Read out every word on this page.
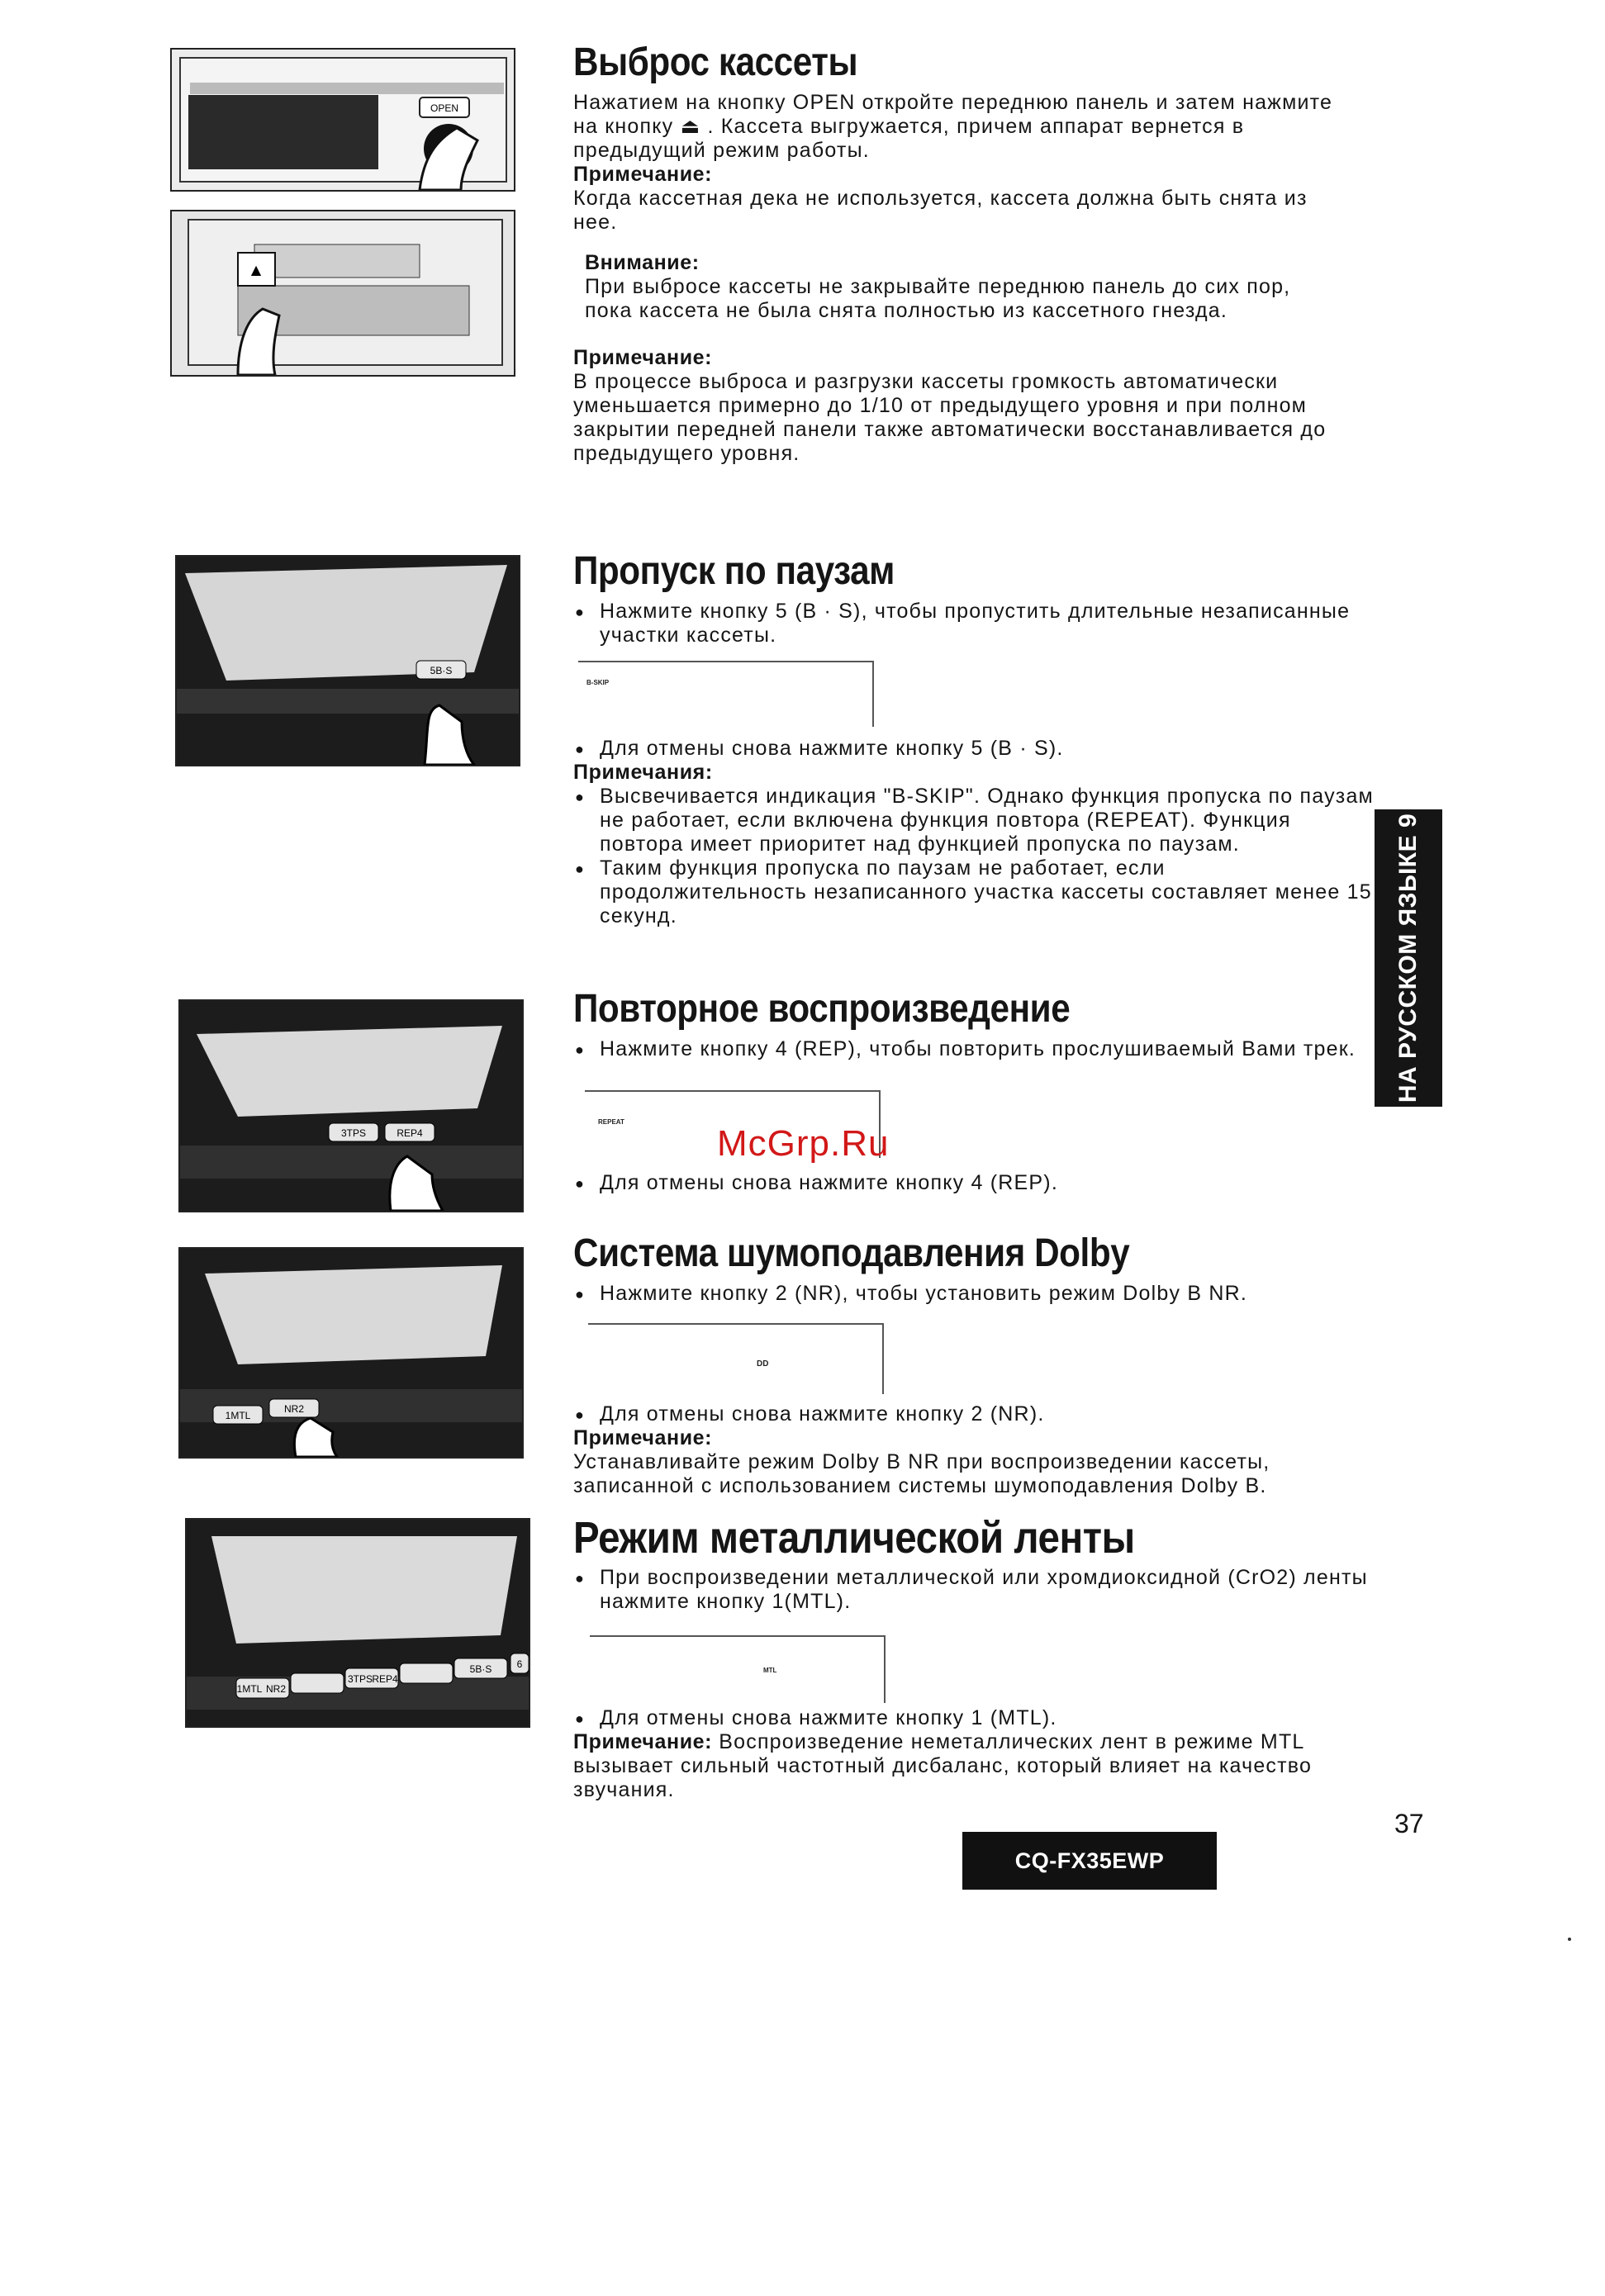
OPEN
▲
5B·S
3TPS	REP4
1MTL
NR2
1MTL NR2
3TPS REP4
5B·S	6
Выброс кассеты

Нажатием на кнопку OPEN откройте переднюю панель и затем нажмите на кнопку ⏏ . Кассета выгружается, причем аппарат вернется в предыдущий режим работы.

Примечание:

Когда кассетная дека не используется, кассета должна быть снята из нее.

Внимание:

При выбросе кассеты не закрывайте переднюю панель до сих пор, пока кассета не была снята полностью из кассетного гнезда.

Примечание:

В процессе выброса и разгрузки кассеты громкость автоматически уменьшается примерно до 1/10 от предыдущего уровня и при полном закрытии передней панели также автоматически восстанавливается до предыдущего уровня.

Пропуск по паузам

● Нажмите кнопку 5 (B · S), чтобы пропустить длительные незаписанные участки кассеты.

B-SKIP

● Для отмены снова нажмите кнопку 5 (B · S).

Примечания:

● Высвечивается индикация "B-SKIP". Однако функция пропуска по паузам не работает, если включена функция повтора (REPEAT). Функция повтора имеет приоритет над функцией пропуска по паузам.

● Таким функция пропуска по паузам не работает, если продолжительность незаписанного участка кассеты составляет менее 15 секунд.

Повторное воспроизведение

● Нажмите кнопку 4 (REP), чтобы повторить прослушиваемый Вами трек.

REPEAT

● Для отмены снова нажмите кнопку 4 (REP).

Система шумоподавления Dolby

● Нажмите кнопку 2 (NR), чтобы установить режим Dolby B NR.

DD

● Для отмены снова нажмите кнопку 2 (NR).

Примечание:

Устанавливайте режим Dolby B NR при воспроизведении кассеты, записанной с использованием системы шумоподавления Dolby B.

Режим металлической ленты

● При воспроизведении металлической или хромдиоксидной (CrO2) ленты нажмите кнопку 1(MTL).

MTL

● Для отмены снова нажмите кнопку 1 (MTL).

Примечание: Воспроизведение неметаллических лент в режиме MTL вызывает сильный частотный дисбаланс, который влияет на качество звучания.

НА РУССКОМ ЯЗЫКЕ 9
McGrp.Ru
37
CQ-FX35EWP
